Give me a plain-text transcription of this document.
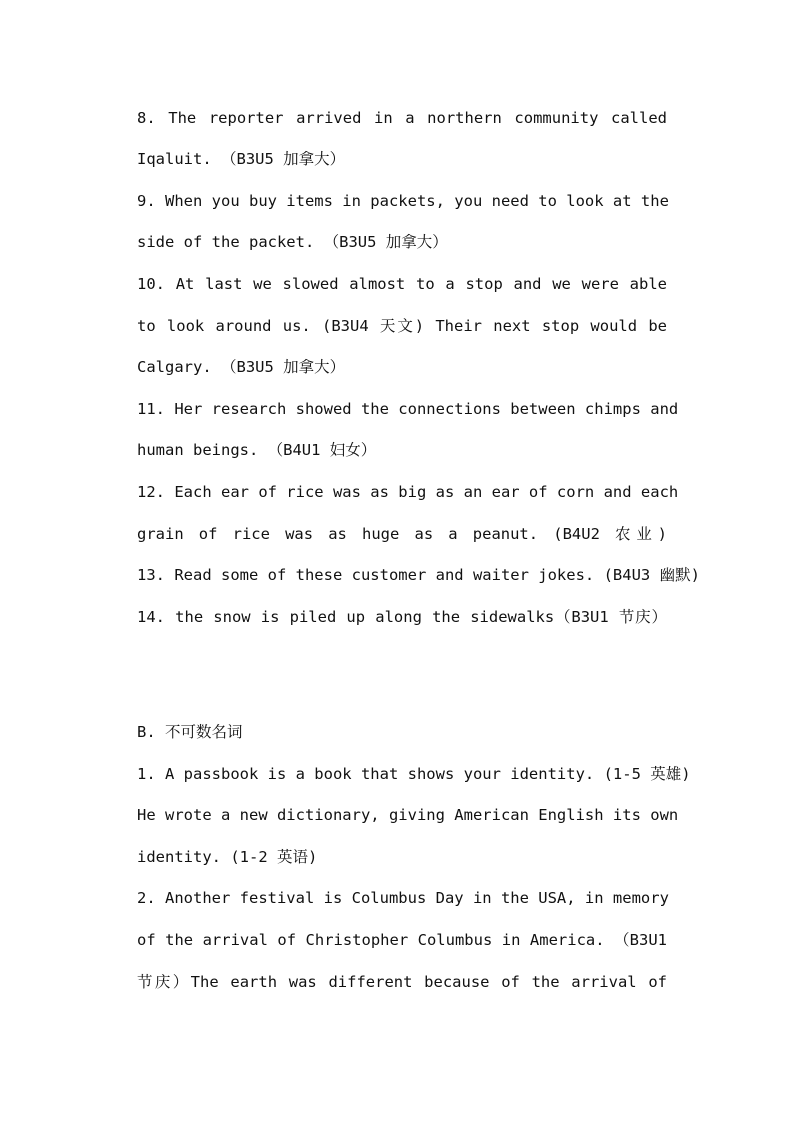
8. The reporter arrived in a northern community called
Iqaluit. （B3U5 加拿大）
9. When you buy items in packets, you need to look at the
side of the packet. （B3U5 加拿大）
10. At last we slowed almost to a stop and we were able
to look around us. (B3U4 天文) Their next stop would be
Calgary. （B3U5 加拿大）
11. Her research showed the connections between chimps and
human beings. （B4U1 妇女）
12. Each ear of rice was as big as an ear of corn and each
grain of rice was as huge as a peanut. (B4U2 农业)
13. Read some of these customer and waiter jokes. (B4U3 幽默)
14. the snow is piled up along the sidewalks（B3U1 节庆）
B. 不可数名词
1. A passbook is a book that shows your identity. (1-5 英雄)
He wrote a new dictionary, giving American English its own
identity. (1-2 英语)
2. Another festival is Columbus Day in the USA, in memory
of the arrival of Christopher Columbus in America. （B3U1
节庆）The earth was different because of the arrival of
